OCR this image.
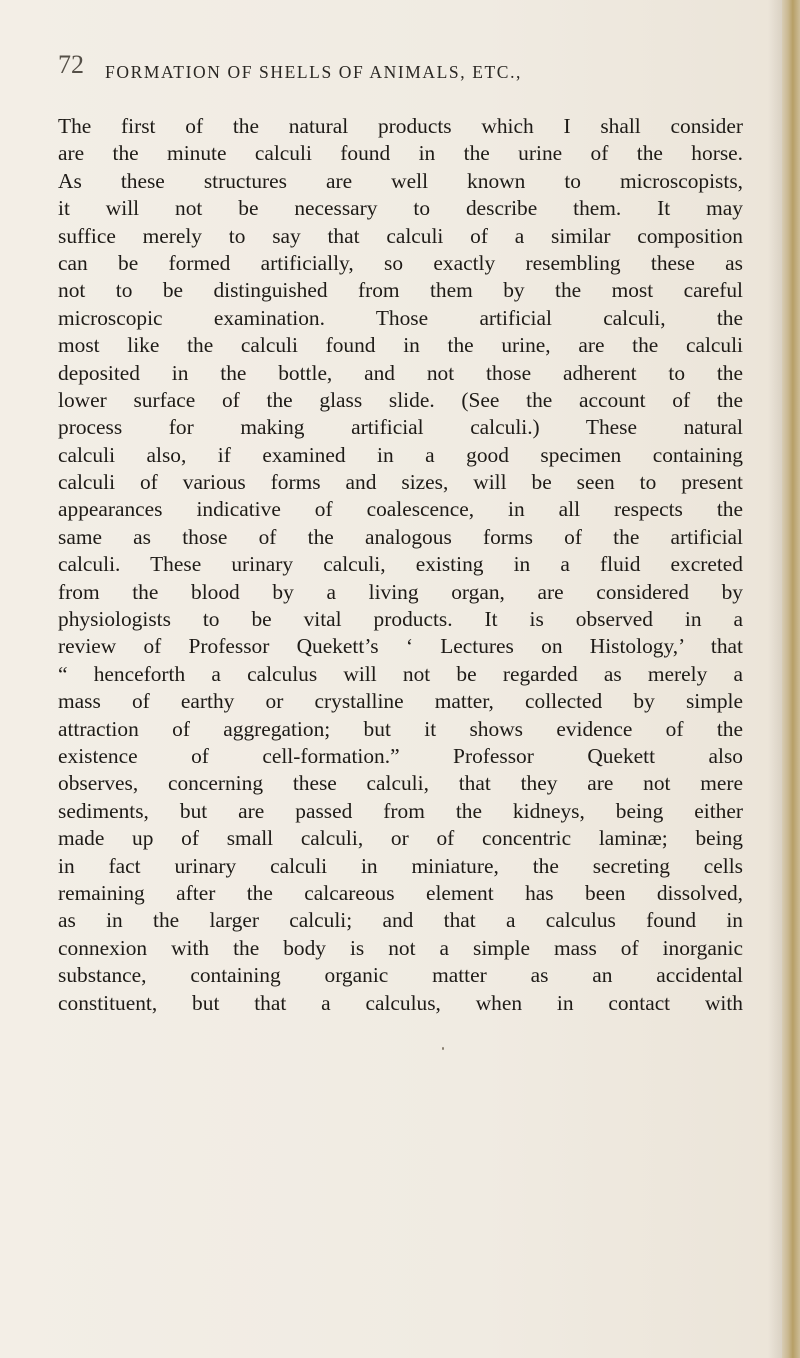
72 FORMATION OF SHELLS OF ANIMALS, ETC.,
The first of the natural products which I shall consider
are the minute calculi found in the urine of the horse.
As these structures are well known to microscopists,
it will not be necessary to describe them. It may
suffice merely to say that calculi of a similar composition
can be formed artificially, so exactly resembling these as
not to be distinguished from them by the most careful
microscopic examination. Those artificial calculi, the
most like the calculi found in the urine, are the calculi
deposited in the bottle, and not those adherent to the
lower surface of the glass slide. (See the account of the
process for making artificial calculi.) These natural
calculi also, if examined in a good specimen containing
calculi of various forms and sizes, will be seen to present
appearances indicative of coalescence, in all respects the
same as those of the analogous forms of the artificial
calculi. These urinary calculi, existing in a fluid excreted
from the blood by a living organ, are considered by
physiologists to be vital products. It is observed in a
review of Professor Quekett’s ‘ Lectures on Histology,’ that
“ henceforth a calculus will not be regarded as merely a
mass of earthy or crystalline matter, collected by simple
attraction of aggregation; but it shows evidence of the
existence of cell-formation.” Professor Quekett also
observes, concerning these calculi, that they are not mere
sediments, but are passed from the kidneys, being either
made up of small calculi, or of concentric laminæ; being
in fact urinary calculi in miniature, the secreting cells
remaining after the calcareous element has been dissolved,
as in the larger calculi; and that a calculus found in
connexion with the body is not a simple mass of inorganic
substance, containing organic matter as an accidental
constituent, but that a calculus, when in contact with
